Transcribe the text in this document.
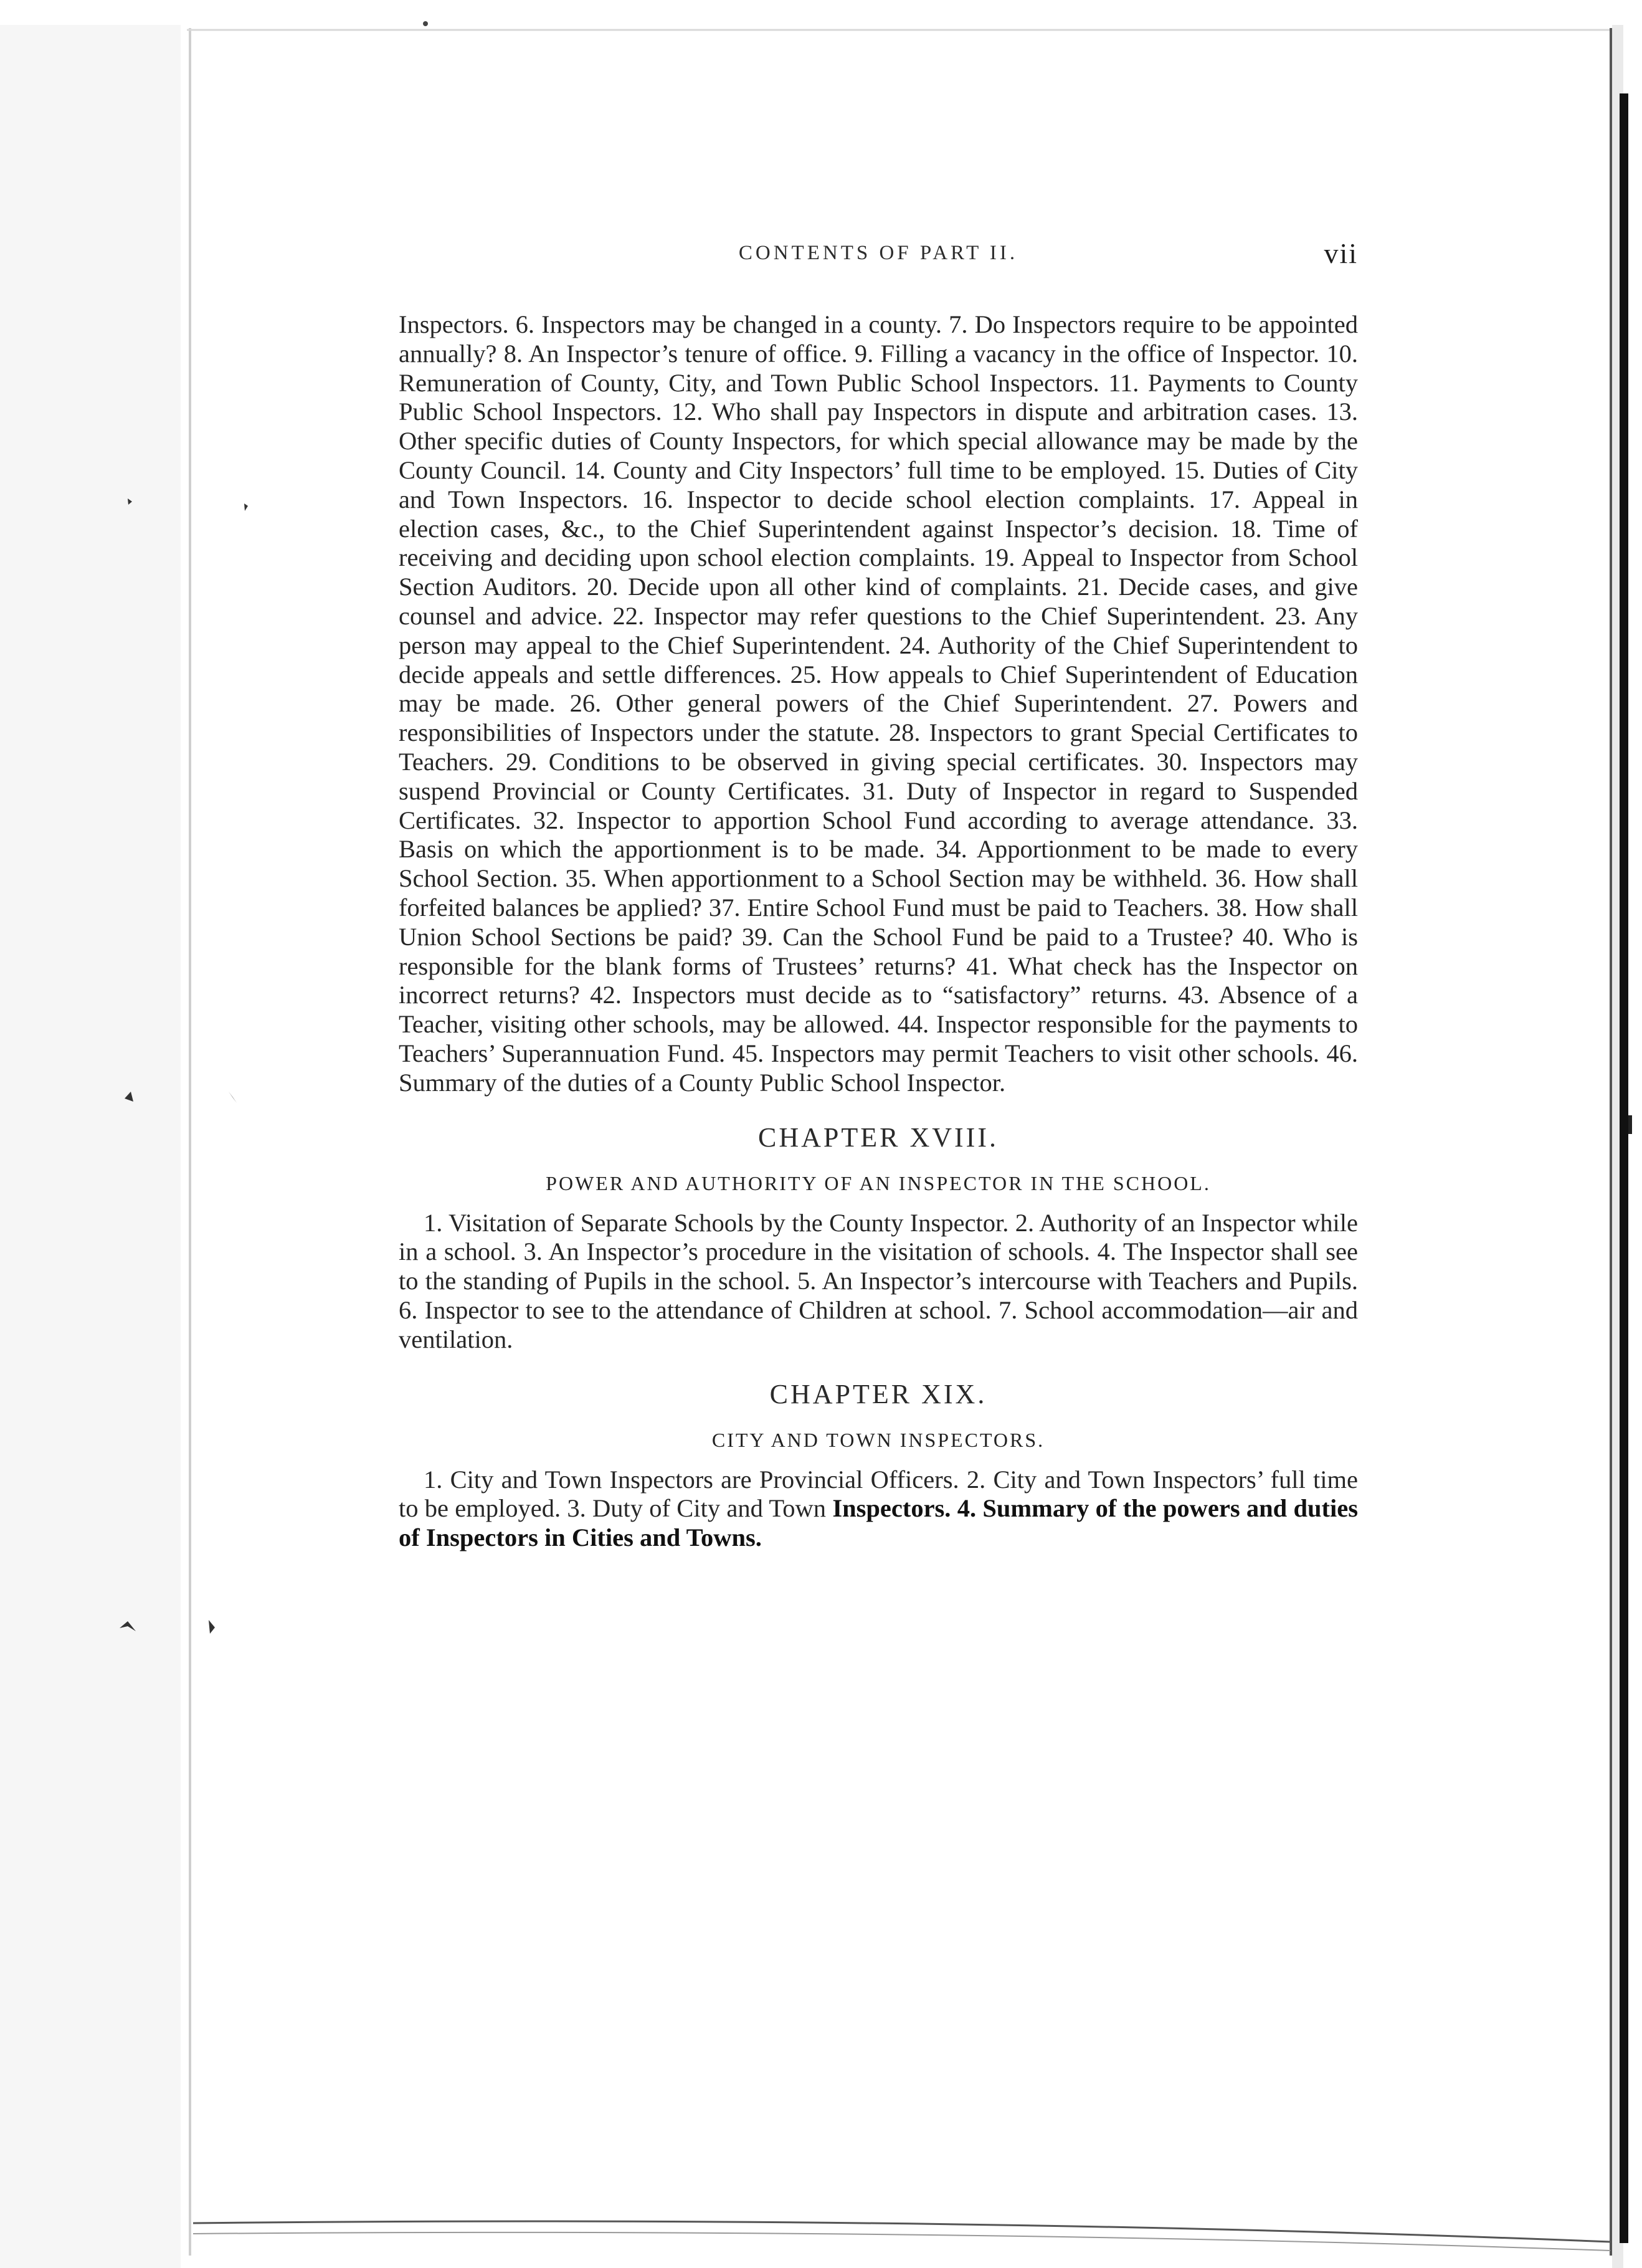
CONTENTS OF PART II.	vii

Inspectors. 6. Inspectors may be changed in a county. 7. Do Inspectors require to be appointed annually? 8. An Inspector’s tenure of office. 9. Filling a vacancy in the office of Inspector. 10. Remuneration of County, City, and Town Public School Inspectors. 11. Payments to County Public School Inspectors. 12. Who shall pay Inspectors in dispute and arbitration cases. 13. Other specific duties of County Inspectors, for which special allowance may be made by the County Council. 14. County and City Inspectors’ full time to be employed. 15. Duties of City and Town Inspectors. 16. Inspector to decide school election complaints. 17. Appeal in election cases, &c., to the Chief Superintendent against Inspector’s decision. 18. Time of receiving and deciding upon school election complaints. 19. Appeal to Inspector from School Section Auditors. 20. Decide upon all other kind of complaints. 21. Decide cases, and give counsel and advice. 22. Inspector may refer questions to the Chief Superintendent. 23. Any person may appeal to the Chief Superintendent. 24. Authority of the Chief Superintendent to decide appeals and settle differences. 25. How appeals to Chief Superintendent of Education may be made. 26. Other general powers of the Chief Superintendent. 27. Powers and responsibilities of Inspectors under the statute. 28. Inspectors to grant Special Certificates to Teachers. 29. Conditions to be observed in giving special certificates. 30. Inspectors may suspend Provincial or County Certificates. 31. Duty of Inspector in regard to Suspended Certificates. 32. Inspector to apportion School Fund according to average attendance. 33. Basis on which the apportionment is to be made. 34. Apportionment to be made to every School Section. 35. When apportionment to a School Section may be withheld. 36. How shall forfeited balances be applied? 37. Entire School Fund must be paid to Teachers. 38. How shall Union School Sections be paid? 39. Can the School Fund be paid to a Trustee? 40. Who is responsible for the blank forms of Trustees’ returns? 41. What check has the Inspector on incorrect returns? 42. Inspectors must decide as to “satisfactory” returns. 43. Absence of a Teacher, visiting other schools, may be allowed. 44. Inspector responsible for the payments to Teachers’ Superannuation Fund. 45. Inspectors may permit Teachers to visit other schools. 46. Summary of the duties of a County Public School Inspector.

CHAPTER XVIII.
POWER AND AUTHORITY OF AN INSPECTOR IN THE SCHOOL.

1. Visitation of Separate Schools by the County Inspector. 2. Authority of an Inspector while in a school. 3. An Inspector’s procedure in the visitation of schools. 4. The Inspector shall see to the standing of Pupils in the school. 5. An Inspector’s intercourse with Teachers and Pupils. 6. Inspector to see to the attendance of Children at school. 7. School accommodation—air and ventilation.

CHAPTER XIX.
CITY AND TOWN INSPECTORS.

1. City and Town Inspectors are Provincial Officers. 2. City and Town Inspectors’ full time to be employed. 3. Duty of City and Town Inspectors. 4. Summary of the powers and duties of Inspectors in Cities and Towns.
